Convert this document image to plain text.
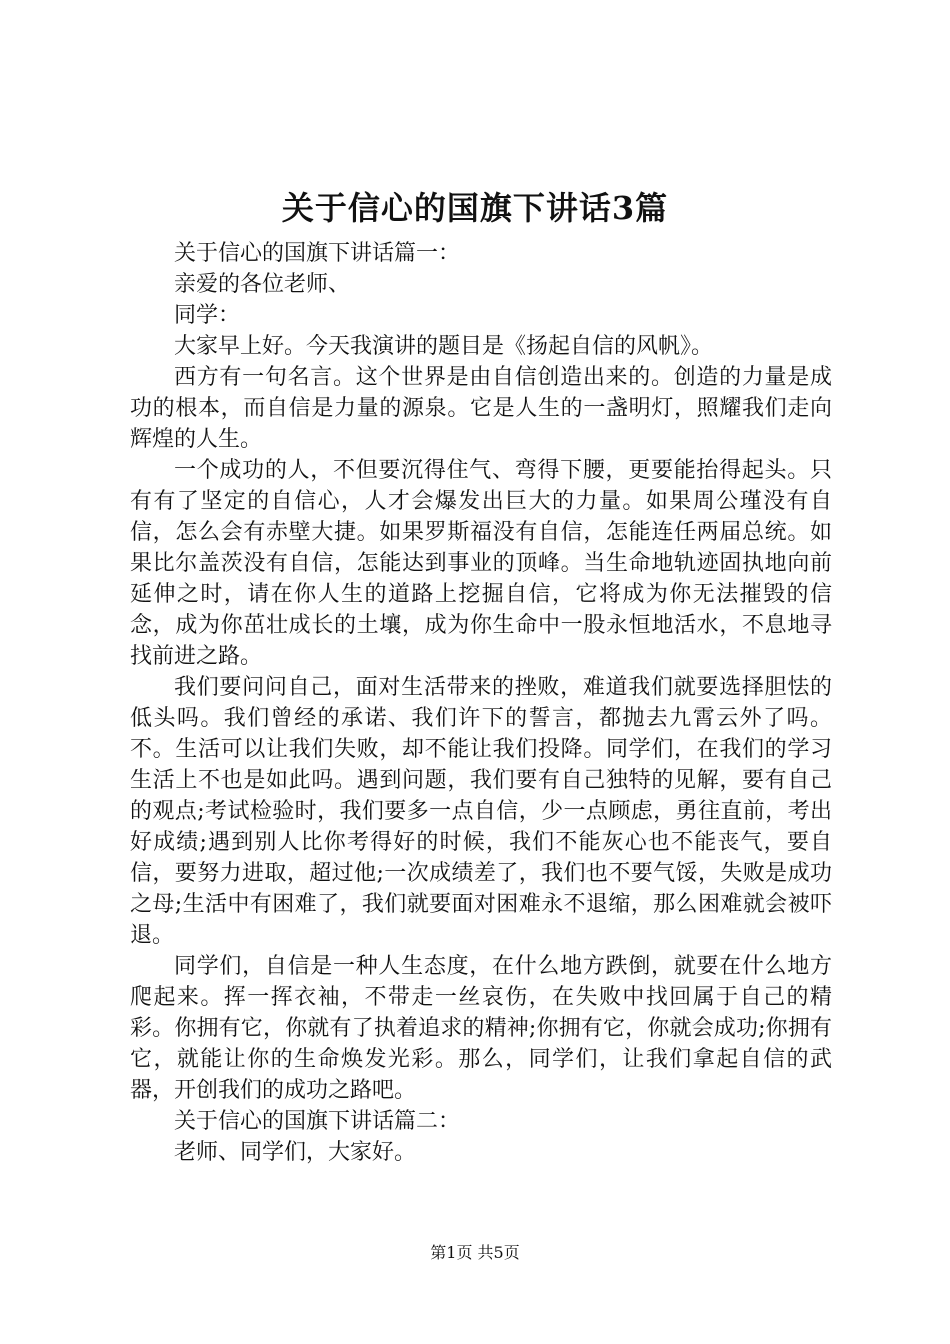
关于信心的国旗下讲话3篇

关于信心的国旗下讲话篇一：

亲爱的各位老师、

同学：

大家早上好。今天我演讲的题目是《扬起自信的风帆》。

西方有一句名言。这个世界是由自信创造出来的。创造的力量是成功的根本，而自信是力量的源泉。它是人生的一盏明灯，照耀我们走向辉煌的人生。

一个成功的人，不但要沉得住气、弯得下腰，更要能抬得起头。只有有了坚定的自信心，人才会爆发出巨大的力量。如果周公瑾没有自信，怎么会有赤壁大捷。如果罗斯福没有自信，怎能连任两届总统。如果比尔盖茨没有自信，怎能达到事业的顶峰。当生命地轨迹固执地向前延伸之时，请在你人生的道路上挖掘自信，它将成为你无法摧毁的信念，成为你茁壮成长的土壤，成为你生命中一股永恒地活水，不息地寻找前进之路。

我们要问问自己，面对生活带来的挫败，难道我们就要选择胆怯的低头吗。我们曾经的承诺、我们许下的誓言，都抛去九霄云外了吗。不。生活可以让我们失败，却不能让我们投降。同学们，在我们的学习生活上不也是如此吗。遇到问题，我们要有自己独特的见解，要有自己的观点;考试检验时，我们要多一点自信，少一点顾虑，勇往直前，考出好成绩;遇到别人比你考得好的时候，我们不能灰心也不能丧气，要自信，要努力进取，超过他;一次成绩差了，我们也不要气馁，失败是成功之母;生活中有困难了，我们就要面对困难永不退缩，那么困难就会被吓退。

同学们，自信是一种人生态度，在什么地方跌倒，就要在什么地方爬起来。挥一挥衣袖，不带走一丝哀伤，在失败中找回属于自己的精彩。你拥有它，你就有了执着追求的精神;你拥有它，你就会成功;你拥有它，就能让你的生命焕发光彩。那么，同学们，让我们拿起自信的武器，开创我们的成功之路吧。

关于信心的国旗下讲话篇二：

老师、同学们，大家好。

第1页 共5页
